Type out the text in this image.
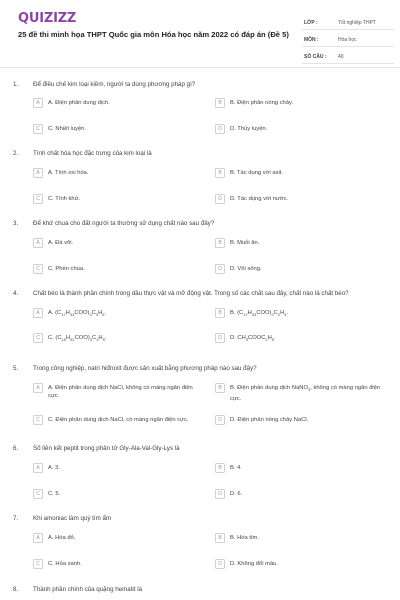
QUIZIZZ
25 đề thi minh họa THPT Quốc gia môn Hóa học năm 2022 có đáp án (Đề 5)
LỚP :	Tốt nghiệp THPT
MÔN :	Hóa học
SỐ CÂU :	40
1. Để điều chế kim loại kiềm, người ta dùng phương pháp gì?
A	A. Điện phân dung dịch.	B	B. Điện phân nóng chảy.
C	C. Nhiệt luyện.	D	D. Thủy luyện.
2. Tính chất hóa học đặc trưng của kim loại là
A	A. Tính oxi hóa.	B	B. Tác dụng với axit.
C	C. Tính khử.	D	D. Tác dụng với nước.
3. Để khử chua cho đất người ta thường sử dụng chất nào sau đây?
A	A. Đá vôi.	B	B. Muối ăn.
C	C. Phèn chua.	D	D. Vôi sống.
4. Chất béo là thành phần chính trong dầu thực vật và mỡ động vật. Trong số các chất sau đây, chất nào là chất béo?
A	A. $(C_{17}H_{33}COO)_3C_3H_5$.	B	B. $(C_{17}H_{33}COO)_2C_2H_4$.
C	C. $(C_{15}H_{31}COO)_3C_3H_5$.	D	D. $CH_3COOC_2H_5$.
5. Trong công nghiệp, natri hiđroxit được sản xuất bằng phương pháp nào sau đây?
A	A. Điện phân dung dịch NaCl, không có màng ngăn điện cực.
B	B. Điện phân dung dịch NaNO$_3$, không có màng ngăn điện cực.
C	C. Điện phân dung dịch NaCl, có màng ngăn điện cực.	D	D. Điện phân nóng chảy NaCl.
6. Số liên kết peptit trong phân tử Gly-Ala-Val-Gly-Lys là
A	A. 3.	B	B. 4.
C	C. 5.	D	D. 6.
7. Khi amoniac làm quỳ tím ẩm
A	A. Hóa đỏ.	B	B. Hóa tím.
C	C. Hóa xanh.	D	D. Không đổi màu.
8. Thành phần chính của quặng hematit là
